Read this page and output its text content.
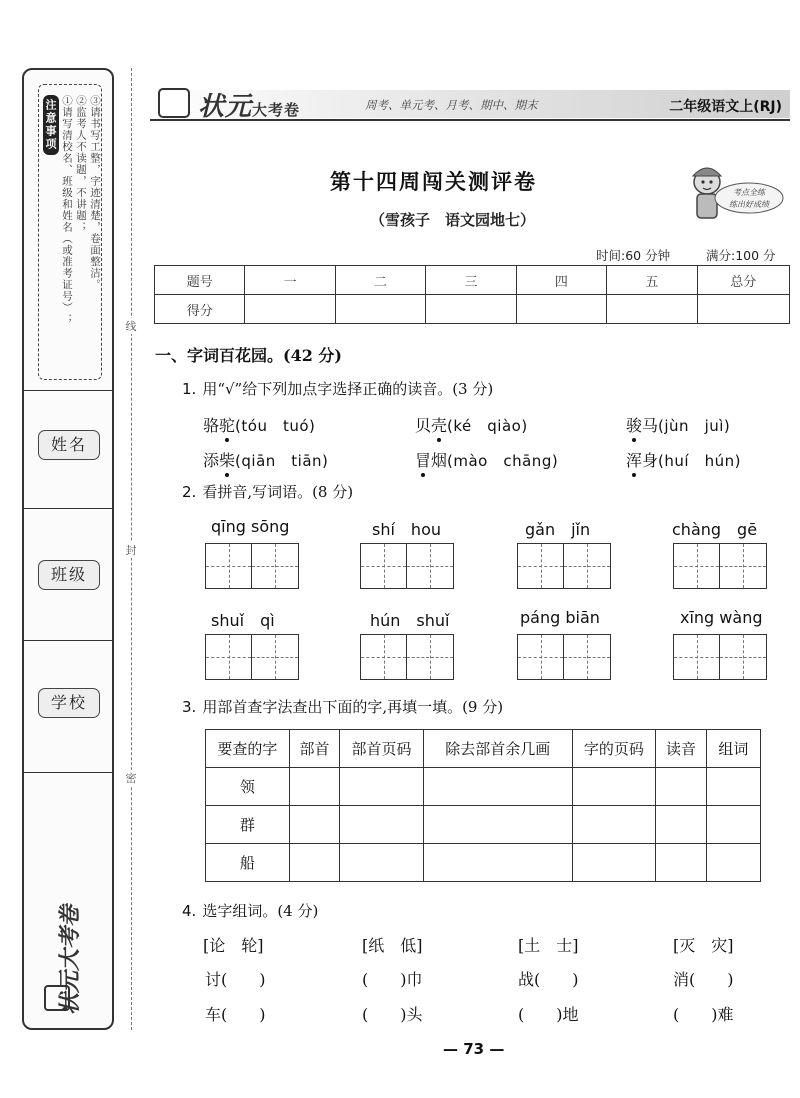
注意事项 ①请写清校名、班级和姓名（或准考证号）； ②监考人不读题，不讲题； ③请书写工整，字迹清楚，卷面整洁。
姓名
班级
学校
状元大考卷
线
封
密
状元大考卷	周考、单元考、月考、期中、期末	二年级语文上(RJ)
第十四周闯关测评卷
（雪孩子　语文园地七）
考点全练
练出好成绩
时间:60 分钟	满分:100 分
题号	一	二	三	四	五	总分
得分						
一、字词百花园。(42 分)
1. 用“√”给下列加点字选择正确的读音。(3 分)
骆驼(tóu　tuó)	贝壳(ké　qiào)	骏马(jùn　juì)
添柴(qiān　tiān)	冒烟(mào　chāng)	浑身(huí　hún)
2. 看拼音,写词语。(8 分)
qīng sōng	shí　hou	gǎn　jǐn	chàng　gē
shuǐ　qì	hún　shuǐ	páng biān	xīng wàng
3. 用部首查字法查出下面的字,再填一填。(9 分)
要查的字	部首	部首页码	除去部首余几画	字的页码	读音	组词
领						
群						
船						
4. 选字组词。(4 分)
[论　轮]	[纸　低]	[土　士]	[灭　灾]
讨(　　)	(　　)巾	战(　　)	消(　　)
车(　　)	(　　)头	(　　)地	(　　)难
— 73 —
